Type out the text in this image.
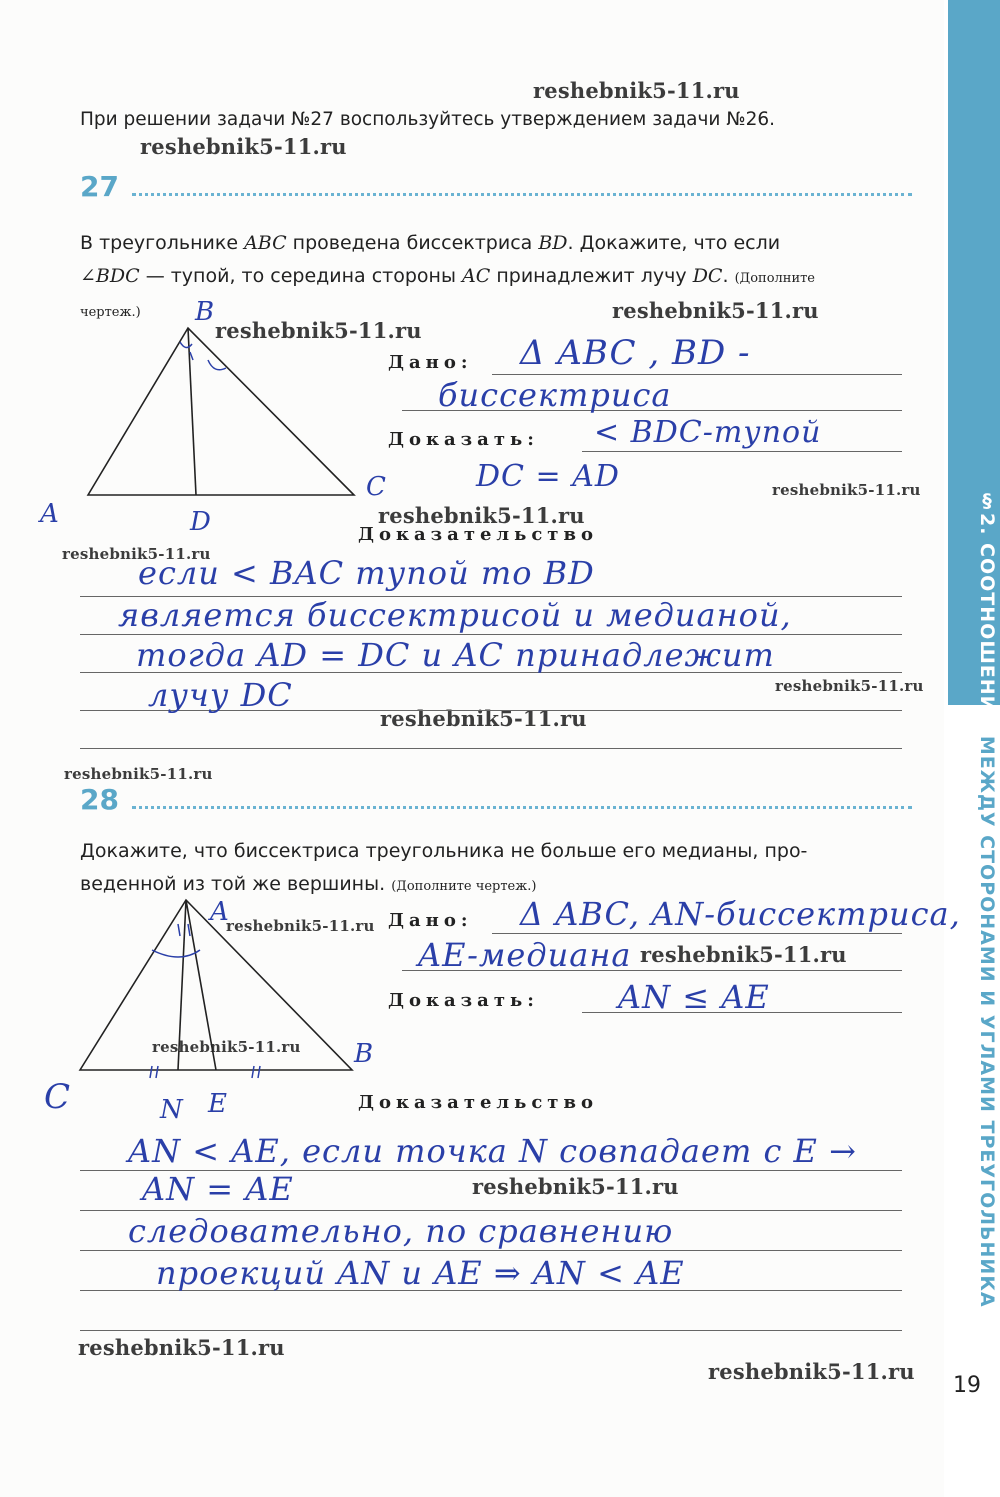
§2. СООТНОШЕНИЯ МЕЖДУ СТОРОНАМИ И УГЛАМИ ТРЕУГОЛЬНИКА
reshebnik5-11.ru
reshebnik5-11.ru
reshebnik5-11.ru
reshebnik5-11.ru
reshebnik5-11.ru
reshebnik5-11.ru
reshebnik5-11.ru
reshebnik5-11.ru
reshebnik5-11.ru
reshebnik5-11.ru
reshebnik5-11.ru
reshebnik5-11.ru
reshebnik5-11.ru
reshebnik5-11.ru
reshebnik5-11.ru
reshebnik5-11.ru
При решении задачи №27 воспользуйтесь утверждением задачи №26.
27
В треугольнике ABC проведена биссектриса BD. Докажите, что если
∠BDC — тупой, то середина стороны AC принадлежит лучу DC. (Дополните
чертеж.)
A
B
C
D
Дано: Δ ABC , BD -
биссектриса
Доказать: < BDC-тупой
DC = AD
Доказательство
если < BAC тупой то BD
является биссектрисой и медианой,
тогда AD = DC и AC принадлежит
лучу DC
28
Докажите, что биссектриса треугольника не больше его медианы, про-
веденной из той же вершины. (Дополните чертеж.)
A
B
C	N E
Дано: Δ ABC, AN-биссектриса,
AE-медиана
Доказать: AN ≤ AE
Доказательство
AN < AE, если точка N совпадает с E →
AN = AE
следовательно, по сравнению
проекций AN и AE ⇒ AN < AE
19
